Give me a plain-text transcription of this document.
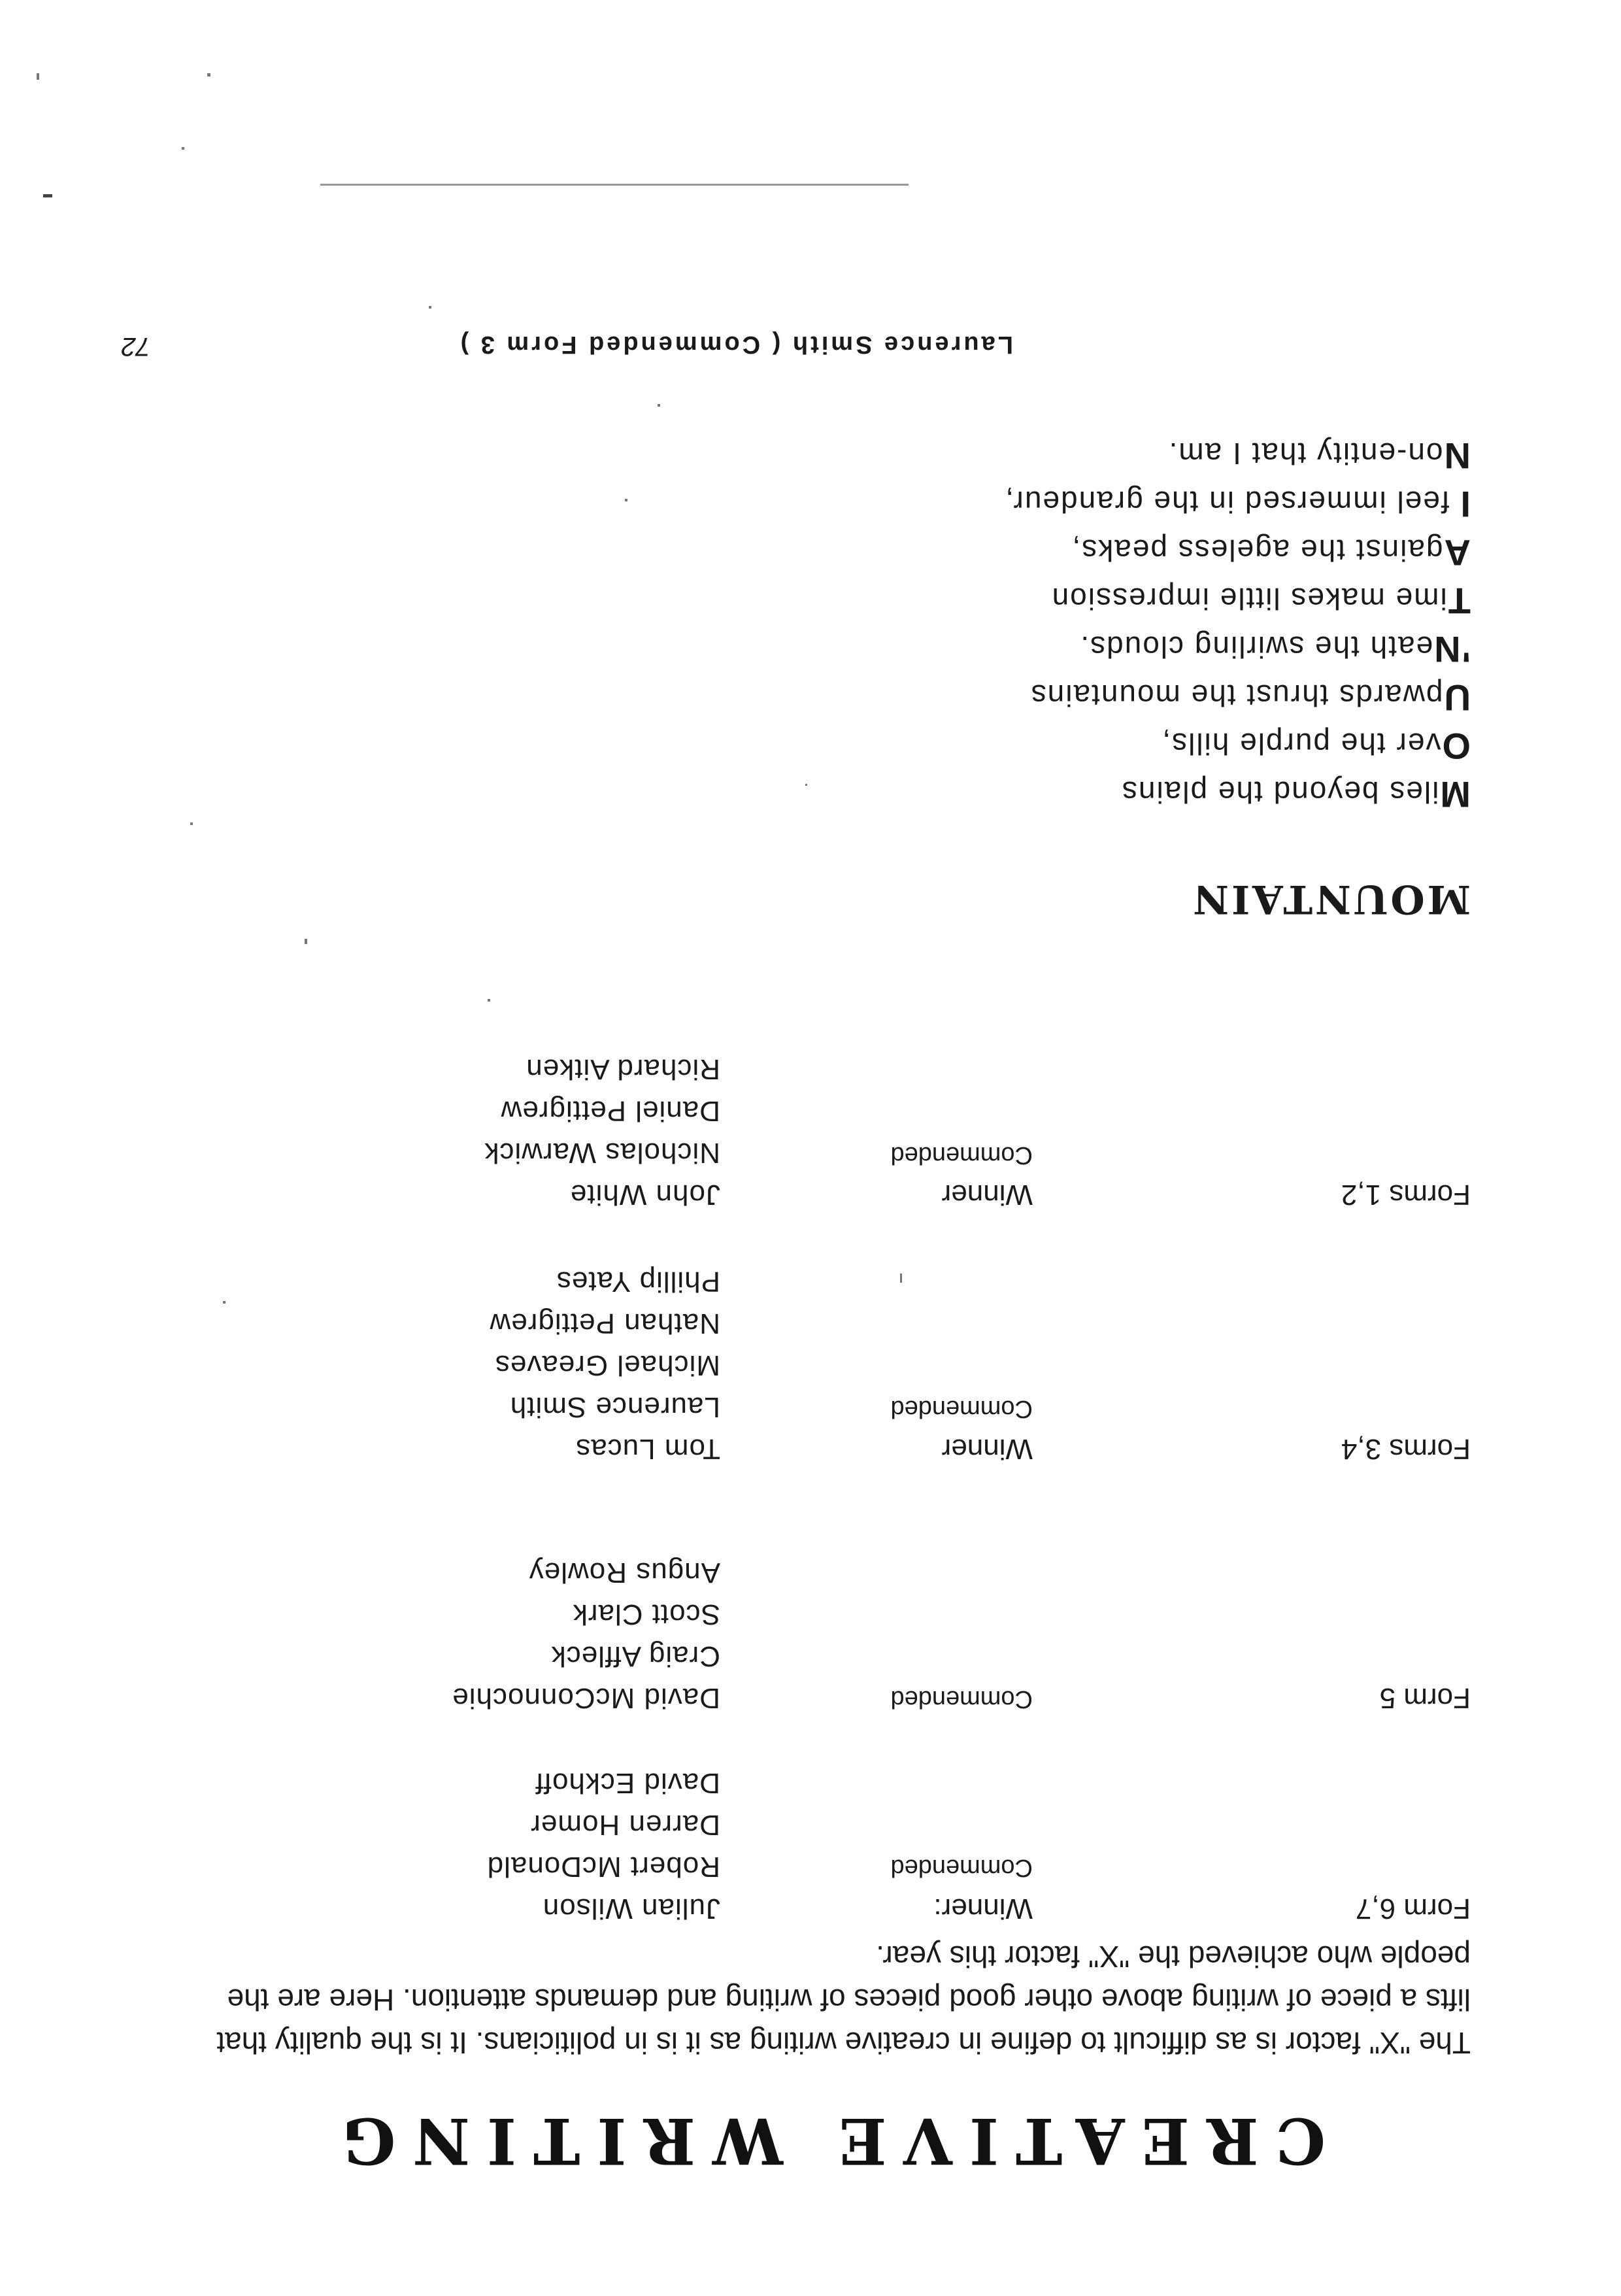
CREATIVE WRITING
The "X" factor is as difficult to define in creative writing as it is in politicians. It is the quality that lifts a piece of writing above other good pieces of writing and demands attention. Here are the people who achieved the "X" factor this year.
Form 6,7
Winner:
Commended
Julian Wilson
Robert McDonald
Darren Homer
David Eckhoff
Form 5
Commended
David McConnochie
Craig Affleck
Scott Clark
Angus Rowley
Forms 3,4
Winner
Commended
Tom Lucas
Laurence Smith
Michael Greaves
Nathan Pettigrew
Phillip Yates
Forms 1,2
Winner
Commended
John White
Nicholas Warwick
Daniel Pettigrew
Richard Aitken
MOUNTAIN
Miles beyond the plains
Over the purple hills,
Upwards thrust the mountains
'Neath the swirling clouds.
Time makes little impression
Against the ageless peaks,
I feel immersed in the grandeur,
Non-entity that I am.
Laurence Smith ( Commended Form 3 )
72
